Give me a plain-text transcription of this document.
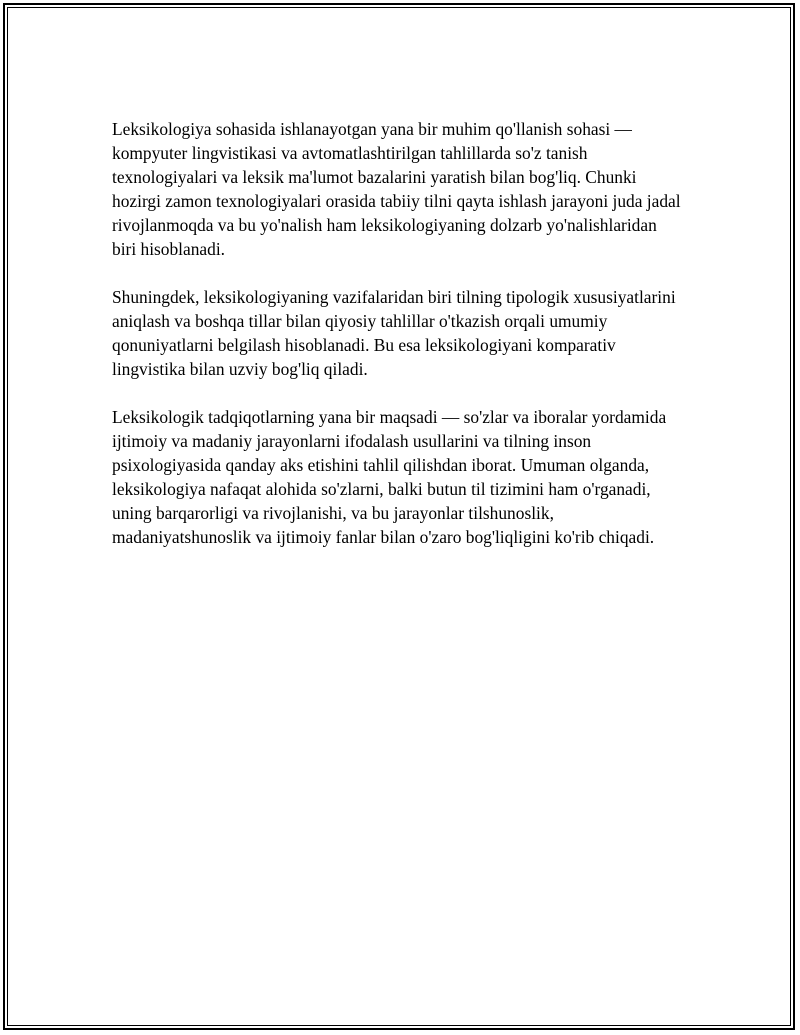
Leksikologiya sohasida ishlanayotgan yana bir muhim qo'llanish sohasi — kompyuter lingvistikasi va avtomatlashtirilgan tahlillarda so'z tanish texnologiyalari va leksik ma'lumot bazalarini yaratish bilan bog'liq. Chunki hozirgi zamon texnologiyalari orasida tabiiy tilni qayta ishlash jarayoni juda jadal rivojlanmoqda va bu yo'nalish ham leksikologiyaning dolzarb yo'nalishlaridan biri hisoblanadi.

Shuningdek, leksikologiyaning vazifalaridan biri tilning tipologik xususiyatlarini aniqlash va boshqa tillar bilan qiyosiy tahlillar o'tkazish orqali umumiy qonuniyatlarni belgilash hisoblanadi. Bu esa leksikologiyani komparativ lingvistika bilan uzviy bog'liq qiladi.

Leksikologik tadqiqotlarning yana bir maqsadi — so'zlar va iboralar yordamida ijtimoiy va madaniy jarayonlarni ifodalash usullarini va tilning inson psixologiyasida qanday aks etishini tahlil qilishdan iborat. Umuman olganda, leksikologiya nafaqat alohida so'zlarni, balki butun til tizimini ham o'rganadi, uning barqarorligi va rivojlanishi, va bu jarayonlar tilshunoslik, madaniyatshunoslik va ijtimoiy fanlar bilan o'zaro bog'liqligini ko'rib chiqadi.
